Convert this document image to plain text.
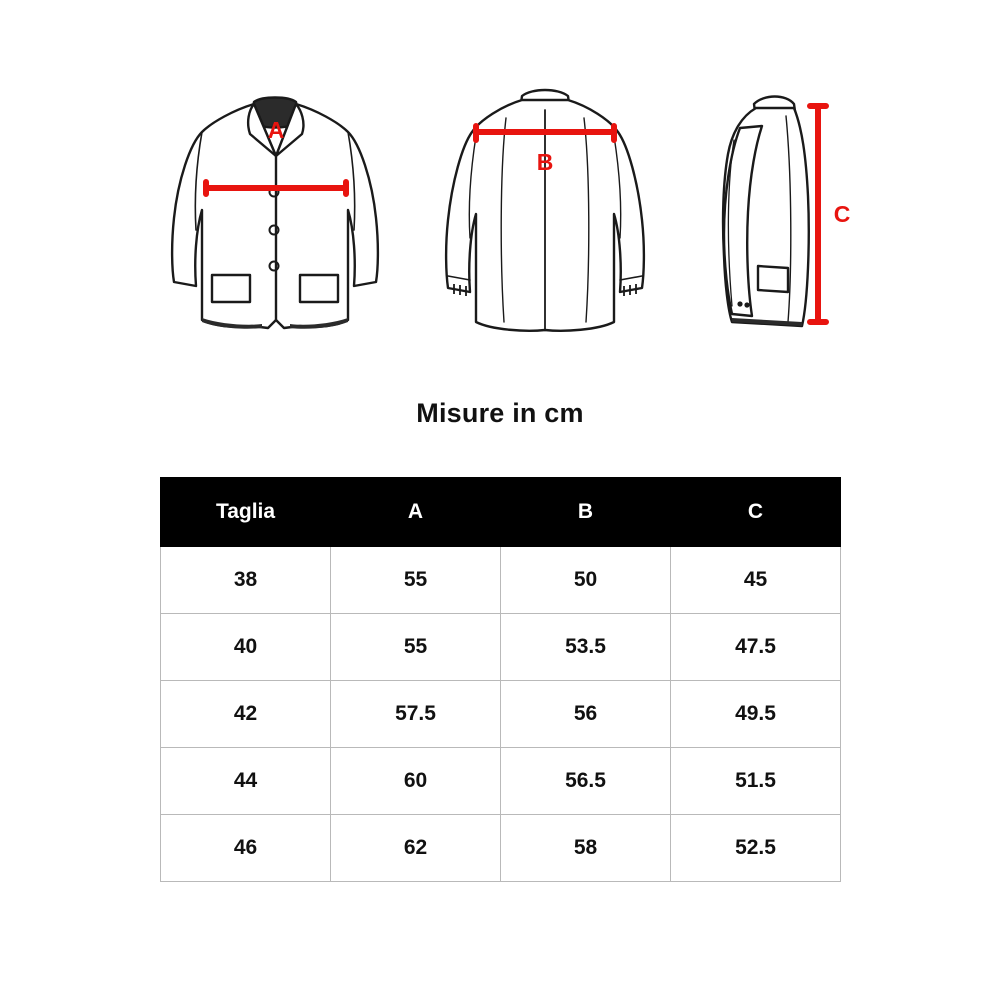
A
B
C
Misure in cm
Taglia	A	B	C
38	55	50	45
40	55	53.5	47.5
42	57.5	56	49.5
44	60	56.5	51.5
46	62	58	52.5
